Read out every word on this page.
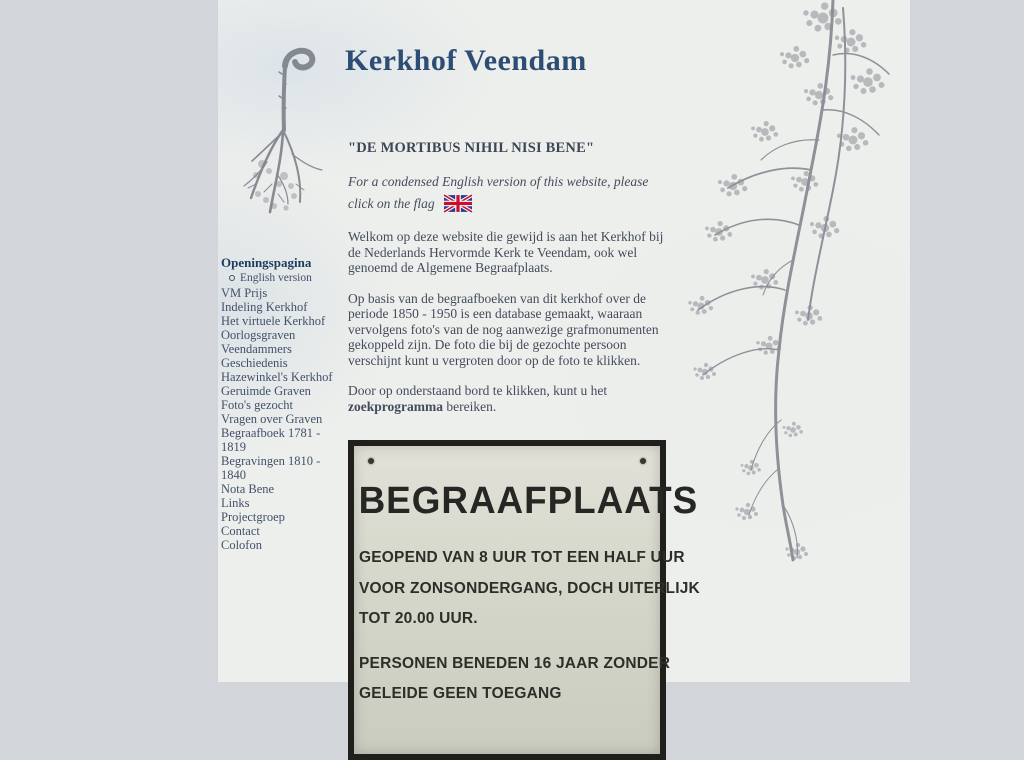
Kerkhof Veendam
Openingspagina
English version
VM Prijs
Indeling Kerkhof
Het virtuele Kerkhof
Oorlogsgraven
Veendammers
Geschiedenis
Hazewinkel's Kerkhof
Geruimde Graven
Foto's gezocht
Vragen over Graven
Begraafboek 1781 - 1819
Begravingen 1810 - 1840
Nota Bene
Links
Projectgroep
Contact
Colofon
"DE MORTIBUS NIHIL NISI BENE"
For a condensed English version of this website, please click on the flag

Welkom op deze website die gewijd is aan het Kerkhof bij de Nederlands Hervormde Kerk te Veendam, ook wel genoemd de Algemene Begraafplaats.

Op basis van de begraafboeken van dit kerkhof over de periode 1850 - 1950 is een database gemaakt, waaraan vervolgens foto's van de nog aanwezige grafmonumenten gekoppeld zijn. De foto die bij de gezochte persoon verschijnt kunt u vergroten door op de foto te klikken.

Door op onderstaand bord te klikken, kunt u het zoekprogramma bereiken.

BEGRAAFPLAATS
GEOPEND VAN 8 UUR TOT EEN HALF UUR
VOOR ZONSONDERGANG, DOCH UITERLIJK
TOT 20.00 UUR.
PERSONEN BENEDEN 16 JAAR ZONDER
GELEIDE GEEN TOEGANG
